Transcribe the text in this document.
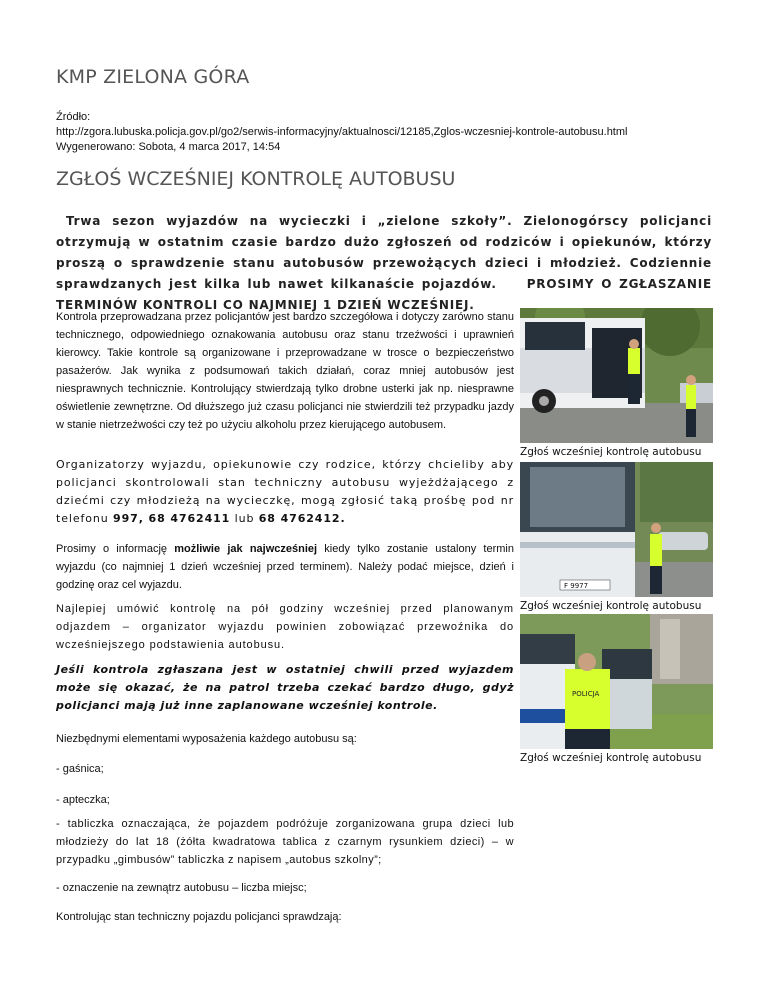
KMP ZIELONA GÓRA
Źródło:
http://zgora.lubuska.policja.gov.pl/go2/serwis-informacyjny/aktualnosci/12185,Zglos-wczesniej-kontrole-autobusu.html
Wygenerowano: Sobota, 4 marca 2017, 14:54
ZGŁOŚ WCZEŚNIEJ KONTROLĘ AUTOBUSU
Trwa sezon wyjazdów na wycieczki i „zielone szkoły”. Zielonogórscy policjanci otrzymują w ostatnim czasie bardzo dużo zgłoszeń od rodziców i opiekunów, którzy proszą o sprawdzenie stanu autobusów przewożących dzieci i młodzież. Codziennie sprawdzanych jest kilka lub nawet kilkanaście pojazdów.	PROSIMY O ZGŁASZANIE TERMINÓW KONTROLI CO NAJMNIEJ 1 DZIEŃ WCZEŚNIEJ.

Kontrola przeprowadzana przez policjantów jest bardzo szczegółowa i dotyczy zarówno stanu technicznego, odpowiedniego oznakowania autobusu oraz stanu trzeźwości i uprawnień kierowcy. Takie kontrole są organizowane i przeprowadzane w trosce o bezpieczeństwo pasażerów. Jak wynika z podsumowań takich działań, coraz mniej autobusów jest niesprawnych technicznie. Kontrolujący stwierdzają tylko drobne usterki jak np. niesprawne oświetlenie zewnętrzne. Od dłuższego już czasu policjanci nie stwierdzili też przypadku jazdy w stanie nietrzeźwości czy też po użyciu alkoholu przez kierującego autobusem.

Organizatorzy wyjazdu, opiekunowie czy rodzice, którzy chcieliby aby policjanci skontrolowali stan techniczny autobusu wyjeżdżającego z dziećmi czy młodzieżą na wycieczkę, mogą zgłosić taką prośbę pod nr telefonu 997, 68 4762411 lub 68 4762412.

Prosimy o informację możliwie jak najwcześniej kiedy tylko zostanie ustalony termin wyjazdu (co najmniej 1 dzień wcześniej przed terminem). Należy podać miejsce, dzień i godzinę oraz cel wyjazdu.

Najlepiej umówić kontrolę na pół godziny wcześniej przed planowanym odjazdem – organizator wyjazdu powinien zobowiązać przewoźnika do wcześniejszego podstawienia autobusu.

Jeśli kontrola zgłaszana jest w ostatniej chwili przed wyjazdem może się okazać, że na patrol trzeba czekać bardzo długo, gdyż policjanci mają już inne zaplanowane wcześniej kontrole.

Niezbędnymi elementami wyposażenia każdego autobusu są:

- gaśnica;

- apteczka;

- tabliczka oznaczająca, że pojazdem podróżuje zorganizowana grupa dzieci lub młodzieży do lat 18 (żółta kwadratowa tablica z czarnym rysunkiem dzieci) – w przypadku „gimbusów” tabliczka z napisem „autobus szkolny”;

- oznaczenie na zewnątrz autobusu – liczba miejsc;

Kontrolując stan techniczny pojazdu policjanci sprawdzają:

Zgłoś wcześniej kontrolę autobusu
F 9977
Zgłoś wcześniej kontrolę autobusu
POLICJA
Zgłoś wcześniej kontrolę autobusu
